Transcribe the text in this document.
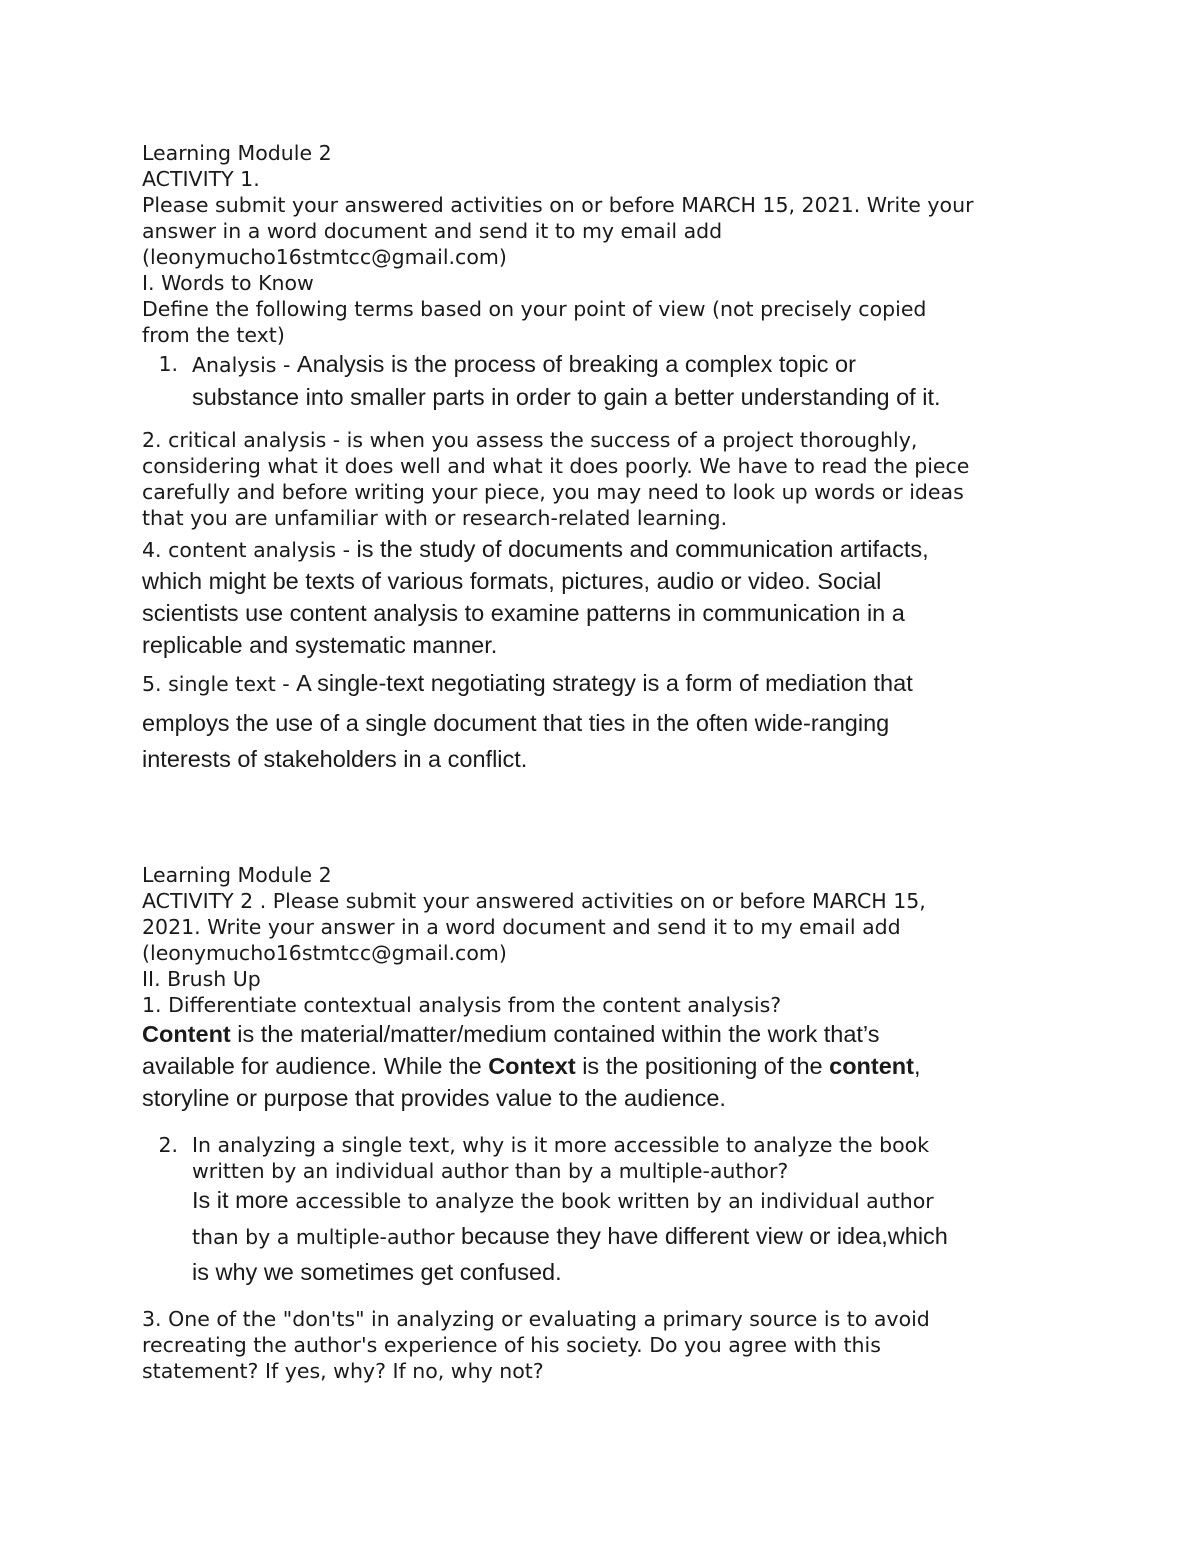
Learning Module 2
ACTIVITY 1.
Please submit your answered activities on or before MARCH 15, 2021. Write your
answer in a word document and send it to my email add
(leonymucho16stmtcc@gmail.com)
I. Words to Know
Define the following terms based on your point of view (not precisely copied
from the text)
1. Analysis - Analysis is the process of breaking a complex topic or
substance into smaller parts in order to gain a better understanding of it.
2. critical analysis - is when you assess the success of a project thoroughly,
considering what it does well and what it does poorly. We have to read the piece
carefully and before writing your piece, you may need to look up words or ideas
that you are unfamiliar with or research-related learning.
4. content analysis - is the study of documents and communication artifacts,
which might be texts of various formats, pictures, audio or video. Social
scientists use content analysis to examine patterns in communication in a
replicable and systematic manner.
5. single text - A single-text negotiating strategy is a form of mediation that
employs the use of a single document that ties in the often wide-ranging
interests of stakeholders in a conflict.
Learning Module 2
ACTIVITY 2 . Please submit your answered activities on or before MARCH 15,
2021. Write your answer in a word document and send it to my email add
(leonymucho16stmtcc@gmail.com)
II. Brush Up
1. Differentiate contextual analysis from the content analysis?
Content is the material/matter/medium contained within the work that’s
available for audience. While the Context is the positioning of the content,
storyline or purpose that provides value to the audience.
2. In analyzing a single text, why is it more accessible to analyze the book
written by an individual author than by a multiple-author?
Is it more accessible to analyze the book written by an individual author
than by a multiple-author because they have different view or idea,which
is why we sometimes get confused.
3. One of the "don'ts" in analyzing or evaluating a primary source is to avoid
recreating the author's experience of his society. Do you agree with this
statement? If yes, why? If no, why not?
